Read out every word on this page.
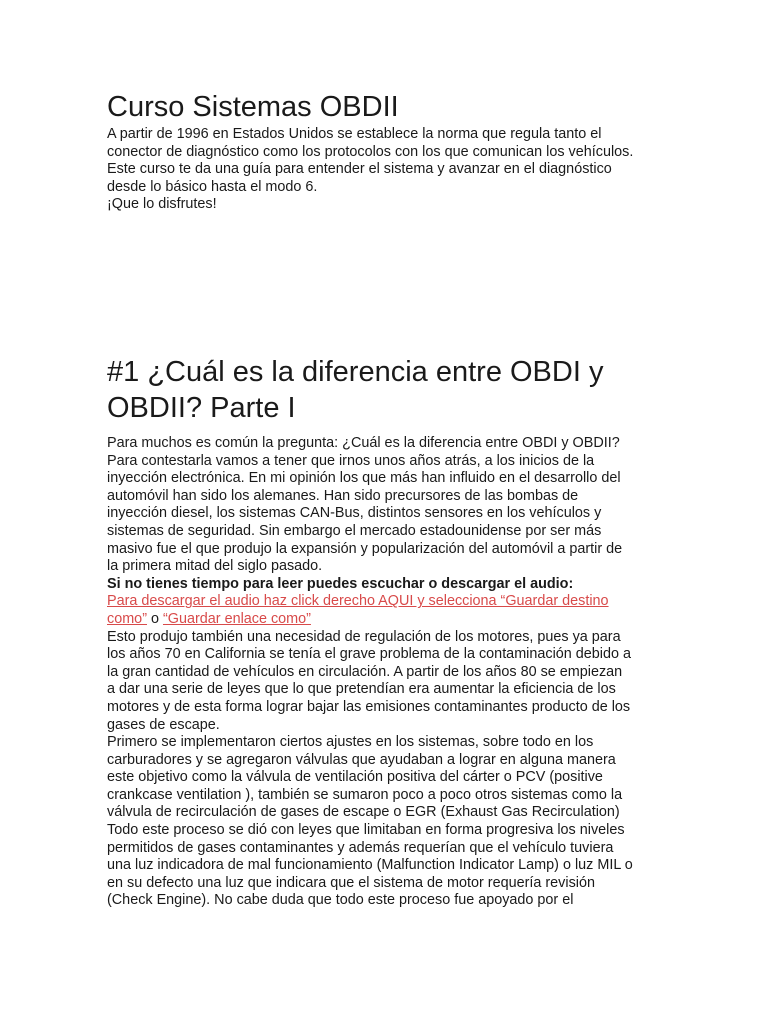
Curso Sistemas OBDII
A partir de 1996 en Estados Unidos se establece la norma que regula tanto el
conector de diagnóstico como los protocolos con los que comunican los vehículos.
Este curso te da una guía para entender el sistema y avanzar en el diagnóstico
desde lo básico hasta el modo 6.
¡Que lo disfrutes!
#1 ¿Cuál es la diferencia entre OBDI y
OBDII? Parte I
Para muchos es común la pregunta: ¿Cuál es la diferencia entre OBDI y OBDII?
Para contestarla vamos a tener que irnos unos años atrás, a los inicios de la
inyección electrónica. En mi opinión los que más han influido en el desarrollo del
automóvil han sido los alemanes. Han sido precursores de las bombas de
inyección diesel, los sistemas CAN-Bus, distintos sensores en los vehículos y
sistemas de seguridad. Sin embargo el mercado estadounidense por ser más
masivo fue el que produjo la expansión y popularización del automóvil a partir de
la primera mitad del siglo pasado.
Si no tienes tiempo para leer puedes escuchar o descargar el audio:
Para descargar el audio haz click derecho AQUI y selecciona “Guardar destino
como” o “Guardar enlace como”
Esto produjo también una necesidad de regulación de los motores, pues ya para
los años 70 en California se tenía el grave problema de la contaminación debido a
la gran cantidad de vehículos en circulación. A partir de los años 80 se empiezan
a dar una serie de leyes que lo que pretendían era aumentar la eficiencia de los
motores y de esta forma lograr bajar las emisiones contaminantes producto de los
gases de escape.
Primero se implementaron ciertos ajustes en los sistemas, sobre todo en los
carburadores y se agregaron válvulas que ayudaban a lograr en alguna manera
este objetivo como la válvula de ventilación positiva del cárter o PCV (positive
crankcase ventilation ), también se sumaron poco a poco otros sistemas como la
válvula de recirculación de gases de escape o EGR (Exhaust Gas Recirculation)
Todo este proceso se dió con leyes que limitaban en forma progresiva los niveles
permitidos de gases contaminantes y además requerían que el vehículo tuviera
una luz indicadora de mal funcionamiento (Malfunction Indicator Lamp) o luz MIL o
en su defecto una luz que indicara que el sistema de motor requería revisión
(Check Engine). No cabe duda que todo este proceso fue apoyado por el
